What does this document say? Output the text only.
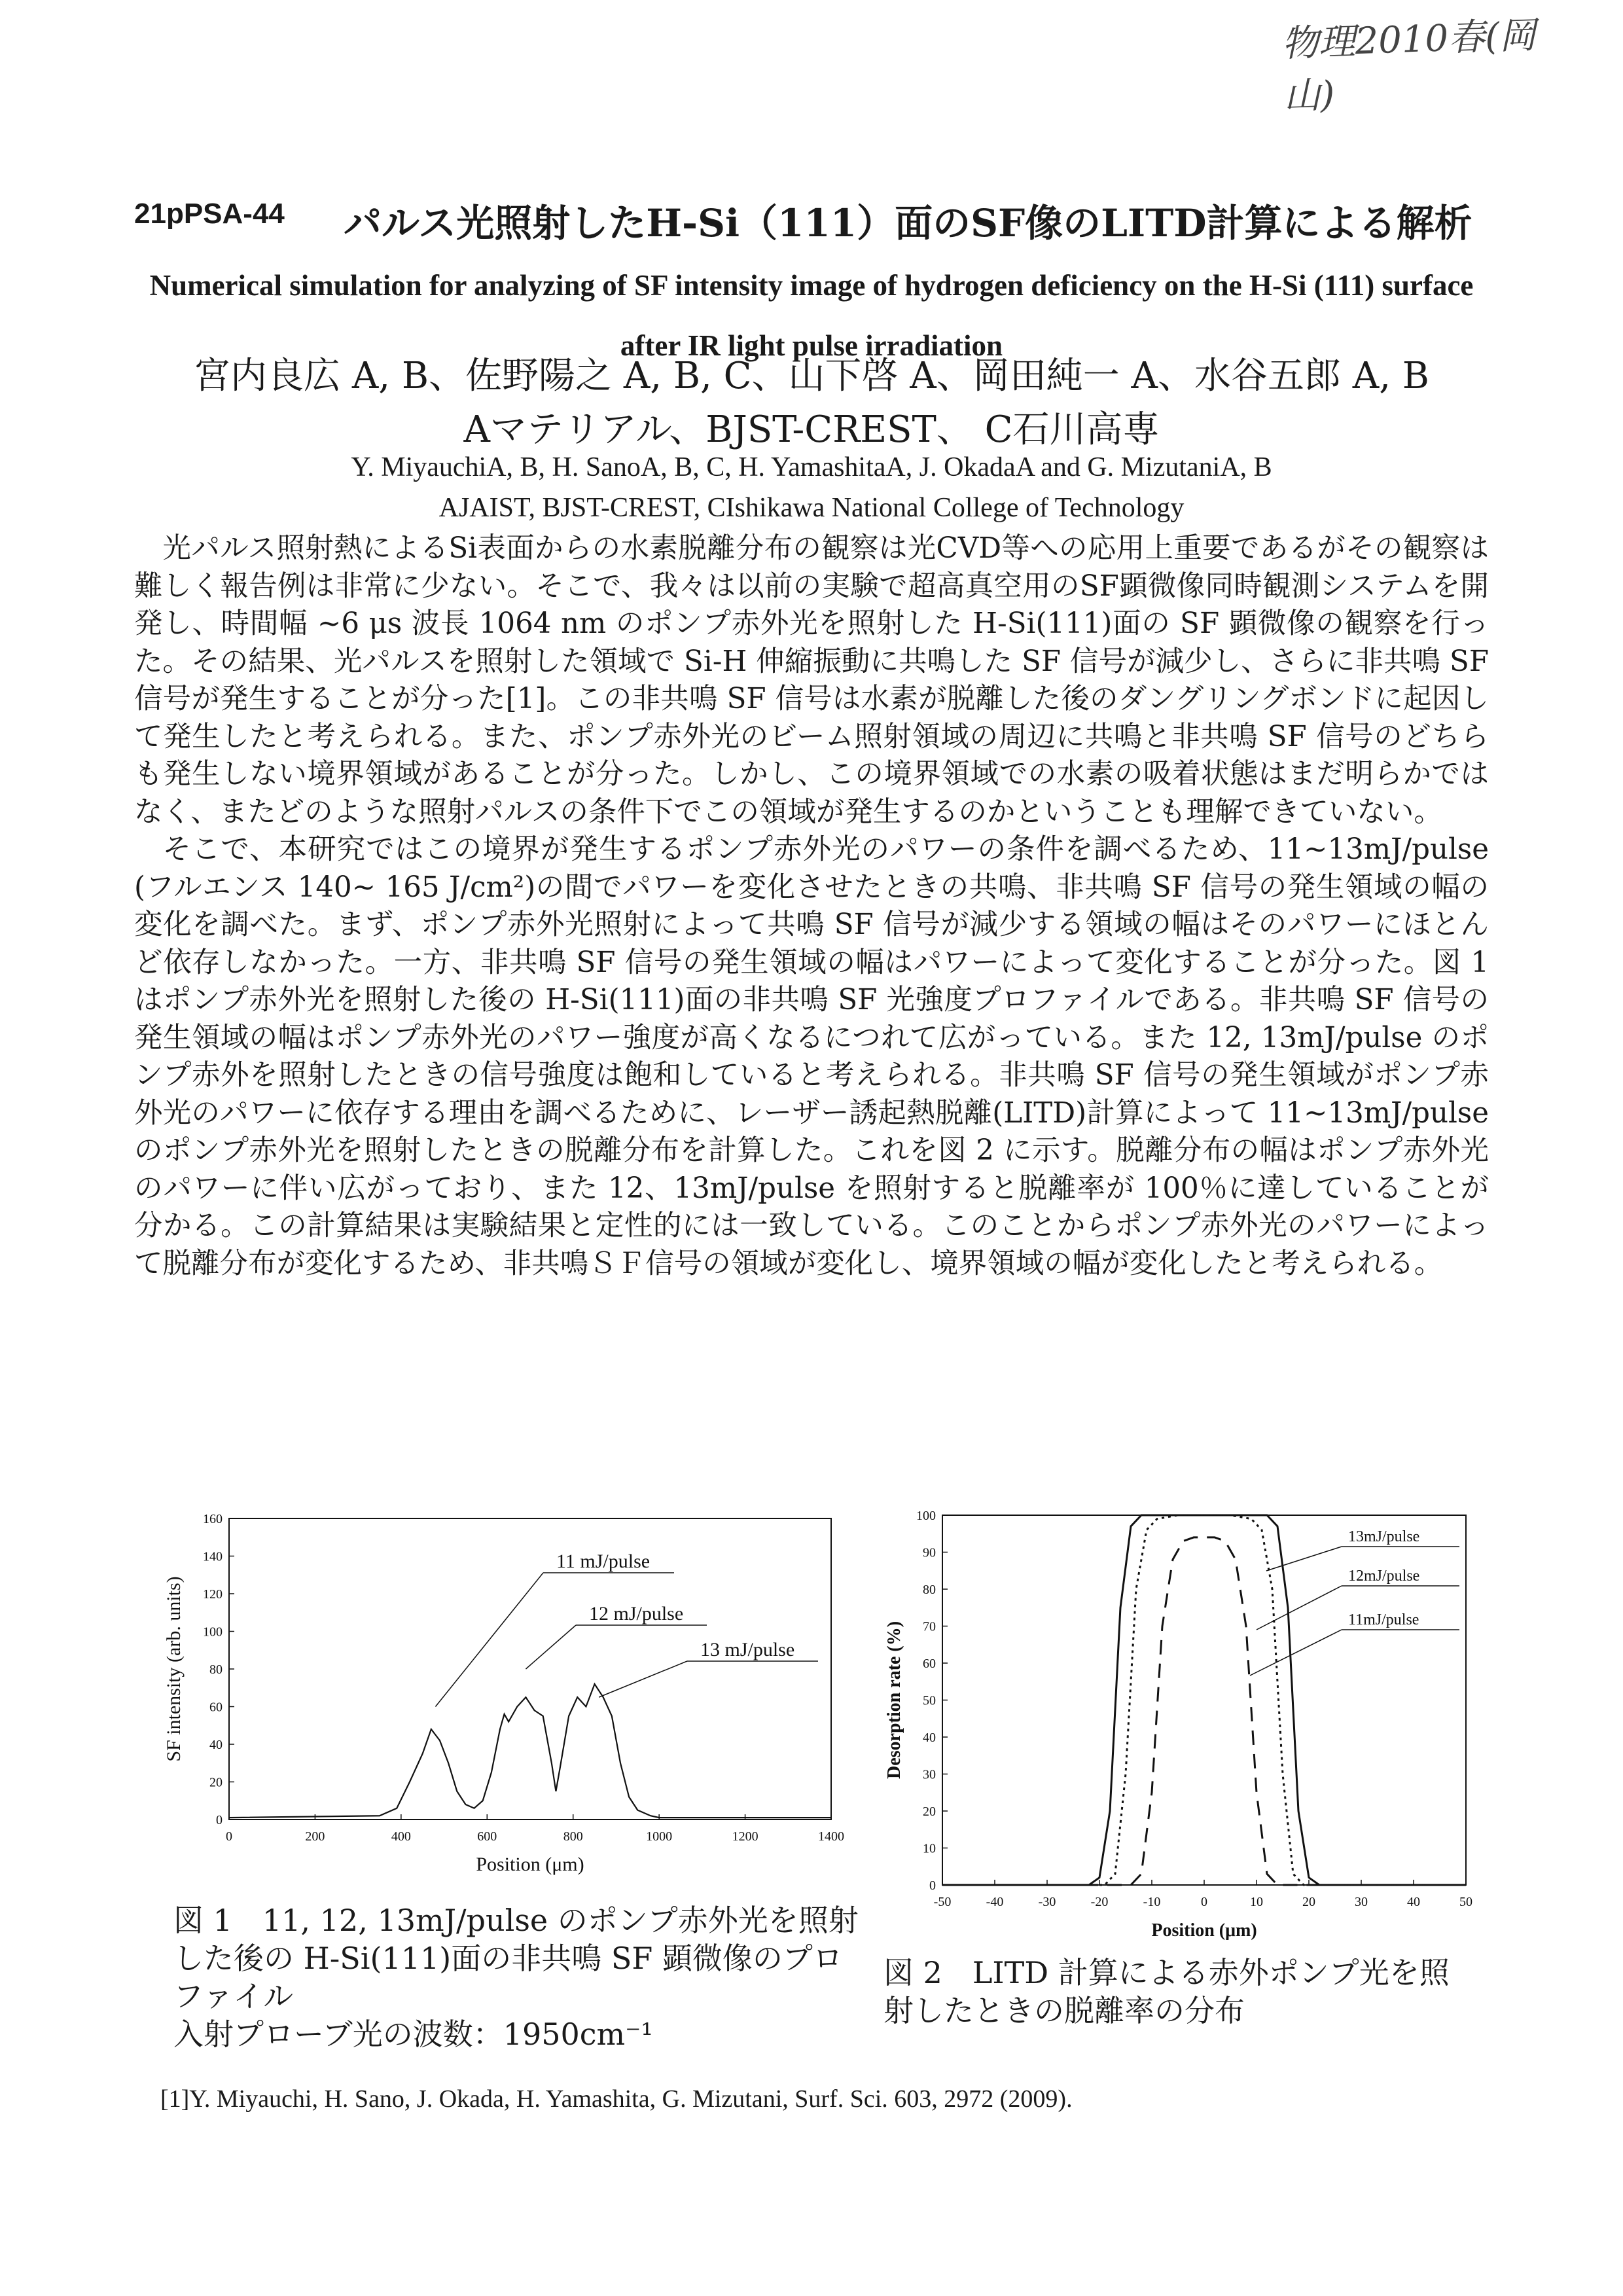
物理2010春(岡山)
21pPSA-44 パルス光照射したH-Si（111）面のSF像のLITD計算による解析
Numerical simulation for analyzing of SF intensity image of hydrogen deficiency on the H-Si (111) surface after IR light pulse irradiation
宮内良広 A, B、佐野陽之 A, B, C、山下啓 A、岡田純一 A、水谷五郎 A, B
Aマテリアル、BJST-CREST、 C石川高専
Y. MiyauchiA, B, H. SanoA, B, C, H. YamashitaA, J. OkadaA and G. MizutaniA, B
AJAIST, BJST-CREST, CIshikawa National College of Technology

光パルス照射熱によるSi表面からの水素脱離分布の観察は光CVD等への応用上重要であるがその観察は難しく報告例は非常に少ない。そこで、我々は以前の実験で超高真空用のSF顕微像同時観測システムを開発し、時間幅 ~6 μs 波長 1064 nm のポンプ赤外光を照射した H-Si(111)面の SF 顕微像の観察を行った。その結果、光パルスを照射した領域で Si-H 伸縮振動に共鳴した SF 信号が減少し、さらに非共鳴 SF 信号が発生することが分った[1]。この非共鳴 SF 信号は水素が脱離した後のダングリングボンドに起因して発生したと考えられる。また、ポンプ赤外光のビーム照射領域の周辺に共鳴と非共鳴 SF 信号のどちらも発生しない境界領域があることが分った。しかし、この境界領域での水素の吸着状態はまだ明らかではなく、またどのような照射パルスの条件下でこの領域が発生するのかということも理解できていない。

そこで、本研究ではこの境界が発生するポンプ赤外光のパワーの条件を調べるため、11~13mJ/pulse (フルエンス 140~ 165 J/cm²)の間でパワーを変化させたときの共鳴、非共鳴 SF 信号の発生領域の幅の変化を調べた。まず、ポンプ赤外光照射によって共鳴 SF 信号が減少する領域の幅はそのパワーにほとんど依存しなかった。一方、非共鳴 SF 信号の発生領域の幅はパワーによって変化することが分った。図 1 はポンプ赤外光を照射した後の H-Si(111)面の非共鳴 SF 光強度プロファイルである。非共鳴 SF 信号の発生領域の幅はポンプ赤外光のパワー強度が高くなるにつれて広がっている。また 12, 13mJ/pulse のポンプ赤外を照射したときの信号強度は飽和していると考えられる。非共鳴 SF 信号の発生領域がポンプ赤外光のパワーに依存する理由を調べるために、レーザー誘起熱脱離(LITD)計算によって 11~13mJ/pulse のポンプ赤外光を照射したときの脱離分布を計算した。これを図 2 に示す。脱離分布の幅はポンプ赤外光のパワーに伴い広がっており、また 12、13mJ/pulse を照射すると脱離率が 100％に達していることが分かる。この計算結果は実験結果と定性的には一致している。このことからポンプ赤外光のパワーによって脱離分布が変化するため、非共鳴ＳＦ信号の領域が変化し、境界領域の幅が変化したと考えられる。

0	200	400	600	800	1000	1200	1400
0
20
40
60
80
100
120
140
160
Position (μm)
SF intensity (arb. units)
11 mJ/pulse
12 mJ/pulse
13 mJ/pulse
図 1　11, 12, 13mJ/pulse のポンプ赤外光を照射
した後の H-Si(111)面の非共鳴 SF 顕微像のプロ
ファイル
入射プローブ光の波数：1950cm⁻¹
-50	-40	-30	-20	-10	0	10	20	30	40	50
0
10
20
30
40
50
60
70
80
90
100
Position (μm)
Desorption rate (%)
13mJ/pulse
12mJ/pulse
11mJ/pulse
図 2　LITD 計算による赤外ポンプ光を照
射したときの脱離率の分布
[1]Y. Miyauchi, H. Sano, J. Okada, H. Yamashita, G. Mizutani, Surf. Sci. 603, 2972 (2009).
